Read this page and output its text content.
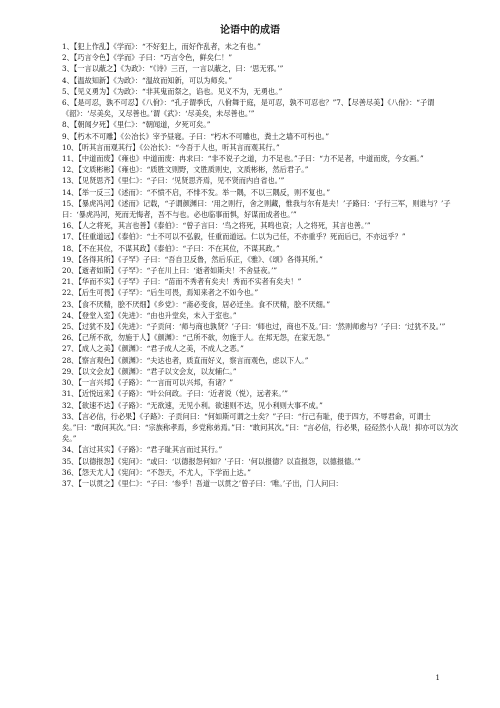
论语中的成语

1、【犯上作乱】《学而》：“不好犯上，而好作乱者，未之有也。”

2、【巧言令色】《学而》子曰：“巧言令色，鲜矣仁！”

3、【一言以蔽之】《为政》：“《诗》三百，一言以蔽之，曰：‘思无邪。’”

4、【温故知新】《为政》：“温故而知新，可以为师矣。”

5、【见义勇为】《为政》：“非其鬼而祭之，谄也。见义不为，无勇也。”

6、【是可忍，孰不可忍】《八佾》：“孔子谓季氏，八佾舞于庭，是可忍，孰不可忍也？”7、【尽善尽美】《八佾》：“子谓《韶》：‘尽美矣，又尽善也。’谓《武》：‘尽美矣，未尽善也。’”

8、【朝闻夕死】《里仁》：“朝闻道，夕死可矣。”

9、【朽木不可雕】《公冶长》宰予昼寝。子曰：“朽木不可雕也，粪土之墙不可杇也。”

10、【听其言而观其行】《公冶长》：“今吾于人也，听其言而观其行。”

11、【中道而废】《雍也》中道而废：冉求曰：“非不说子之道，力不足也。”子曰：“力不足者，中道而废，今女画。”

12、【文质彬彬】《雍也》：“质胜文则野，文胜质则史，文质彬彬，然后君子。”

13、【见贤思齐】《里仁》：“子曰：‘见贤思齐焉，见不贤而内自省也。’”

14、【举一反三】《述而》：“不愤不启，不悱不发。举一隅，不以三隅反，则不复也。”

15、【暴虎冯河】《述而》记载，“子谓颜渊曰：‘用之则行，舍之则藏，惟我与尔有是夫！’子路曰：‘子行三军，则谁与？’子曰：‘暴虎冯河，死而无悔者，吾不与也。必也临事而惧，好谋而成者也。’”

16、【人之将死，其言也善】《泰伯》：“曾子言曰：‘鸟之将死，其鸣也哀；人之将死，其言也善。’”

17、【任重道远】《泰伯》：“士不可以不弘毅，任重而道远。仁以为己任，不亦重乎？死而后已，不亦远乎？”

18、【不在其位，不谋其政】《泰伯》：“子曰：不在其位，不谋其政。”

19、【各得其所】《子罕》子曰：“吾自卫反鲁，然后乐正，《雅》、《颂》各得其所。”

20、【逝者如斯】《子罕》：“子在川上曰：‘逝者如斯夫！不舍昼夜。’”

21、【华而不实】《子罕》子曰：“苗而不秀者有矣夫！秀而不实者有矣夫！”

22、【后生可畏】《子罕》：“后生可畏，焉知来者之不如今也。”

23、【食不厌精，脍不厌细】《乡党》：“斋必变食，居必迁坐。食不厌精，脍不厌细。”

24、【登堂入室】《先进》：“由也升堂矣，未入于室也。”

25、【过犹不及】《先进》：“子贡问：‘师与商也孰贤？’子曰：‘师也过，商也不及。’曰：‘然则师愈与？’子曰：‘过犹不及。’”

26、【己所不欲，勿施于人】《颜渊》：“己所不欲，勿施于人。在邦无怨，在家无怨。”

27、【成人之美】《颜渊》：“君子成人之美，不成人之恶。”

28、【察言观色】《颜渊》：“夫达也者，质直而好义，察言而观色，虑以下人。”

29、【以文会友】《颜渊》：“君子以文会友，以友辅仁。”

30、【一言兴邦】《子路》：“一言而可以兴邦，有诸？”

31、【近悦远来】《子路》：“叶公问政。子曰：‘近者说（悦），远者来。’”

32、【欲速不达】《子路》：“无欲速，无见小利。欲速则不达，见小利则大事不成。”

33、【言必信，行必果】《子路》：子贡问曰：“何如斯可谓之士矣？”子曰：“行己有耻，使于四方，不辱君命，可谓士矣。”曰：“敢问其次。”曰：“宗族称孝焉，乡党称弟焉。”曰：“敢问其次。”曰：“言必信，行必果，硁硁然小人哉！抑亦可以为次矣。”

34、【言过其实】《子路》：“君子耻其言而过其行。”

35、【以德报怨】《宪问》：“或曰：‘以德报怨何如？’子曰：‘何以报德？以直报怨，以德报德。’”

36、【怨天尤人】《宪问》：“不怨天，不尤人，下学而上达。”

37、【一以贯之】《里仁》：“子曰：‘参乎！吾道一以贯之’曾子曰：‘唯。’子出，门人问曰：

1
